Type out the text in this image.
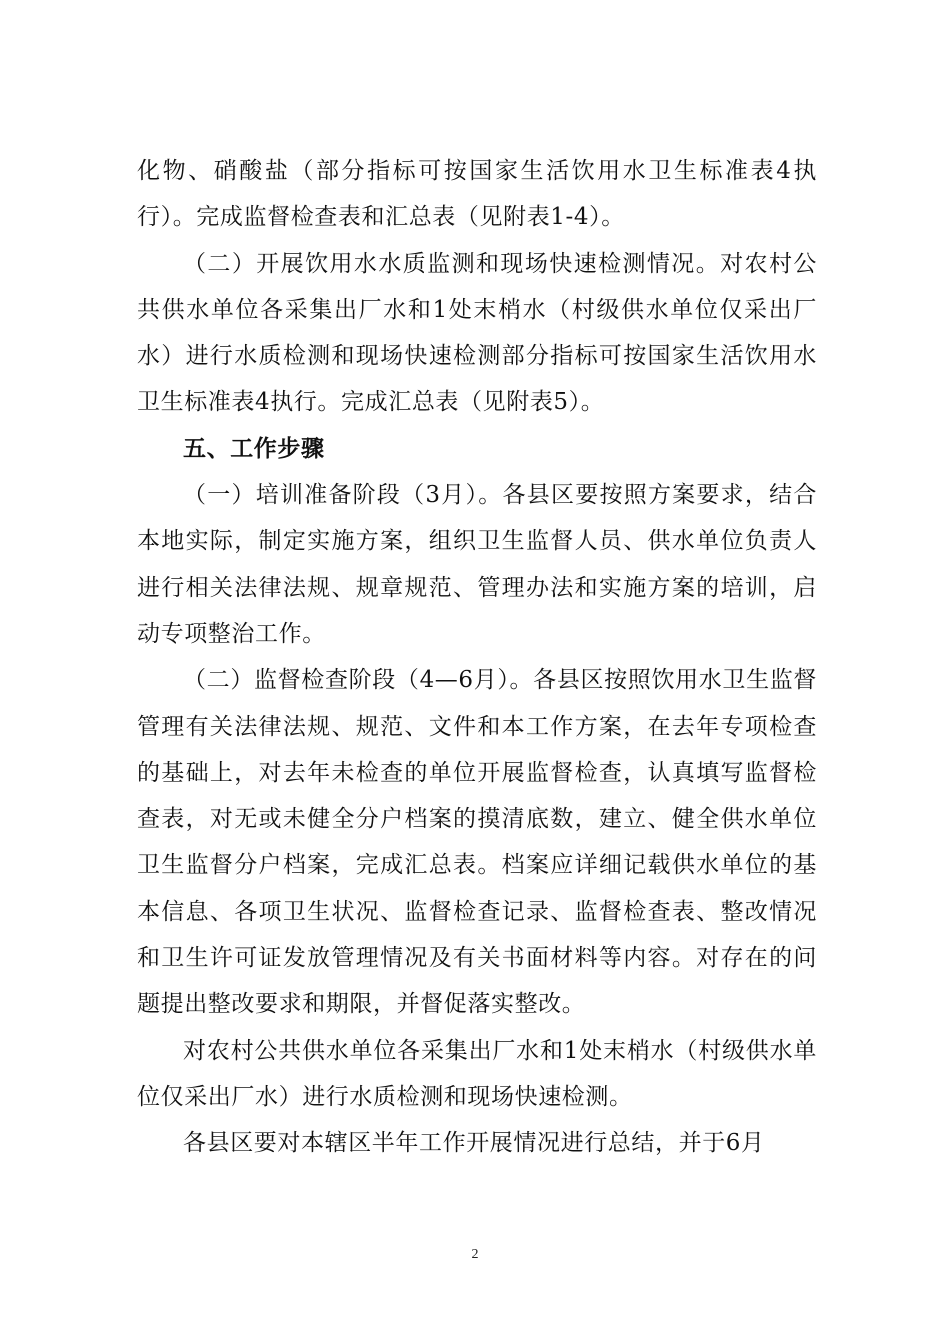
化物、硝酸盐（部分指标可按国家生活饮用水卫生标准表4执行）。完成监督检查表和汇总表（见附表1-4）。

（二）开展饮用水水质监测和现场快速检测情况。对农村公共供水单位各采集出厂水和1处末梢水（村级供水单位仅采出厂水）进行水质检测和现场快速检测部分指标可按国家生活饮用水卫生标准表4执行。完成汇总表（见附表5）。

五、工作步骤

（一）培训准备阶段（3月）。各县区要按照方案要求，结合本地实际，制定实施方案，组织卫生监督人员、供水单位负责人进行相关法律法规、规章规范、管理办法和实施方案的培训，启动专项整治工作。

（二）监督检查阶段（4—6月）。各县区按照饮用水卫生监督管理有关法律法规、规范、文件和本工作方案，在去年专项检查的基础上，对去年未检查的单位开展监督检查，认真填写监督检查表，对无或未健全分户档案的摸清底数，建立、健全供水单位卫生监督分户档案，完成汇总表。档案应详细记载供水单位的基本信息、各项卫生状况、监督检查记录、监督检查表、整改情况和卫生许可证发放管理情况及有关书面材料等内容。对存在的问题提出整改要求和期限，并督促落实整改。

对农村公共供水单位各采集出厂水和1处末梢水（村级供水单位仅采出厂水）进行水质检测和现场快速检测。

各县区要对本辖区半年工作开展情况进行总结，并于6月

2
